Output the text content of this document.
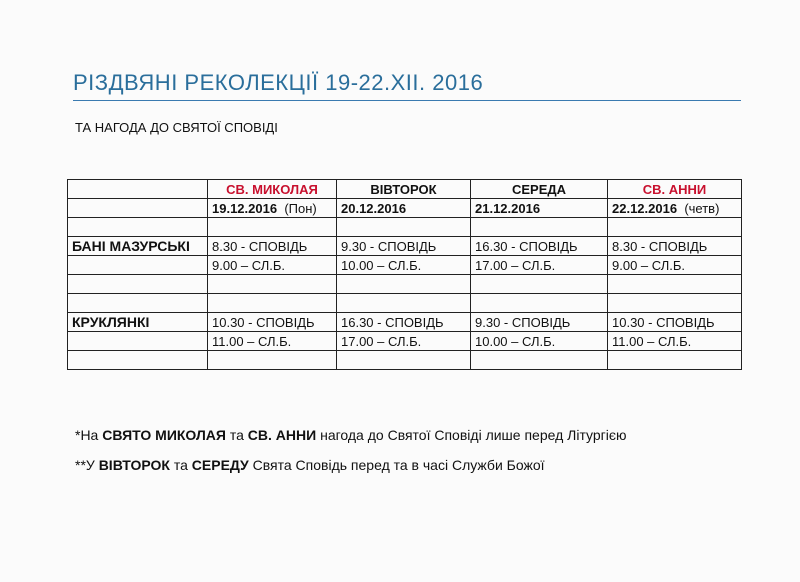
РІЗДВЯНІ РЕКОЛЕКЦІЇ 19-22.XII. 2016
ТА НАГОДА ДО СВЯТОЇ СПОВІДІ
	СВ. МИКОЛАЯ	ВІВТОРОК	СЕРЕДА	СВ. АННИ
	19.12.2016 (Пон)	20.12.2016	21.12.2016	22.12.2016 (четв)

БАНІ МАЗУРСЬКІ	8.30 - СПОВІДЬ	9.30 - СПОВІДЬ	16.30 - СПОВІДЬ	8.30 - СПОВІДЬ
	9.00 – СЛ.Б.	10.00 – СЛ.Б.	17.00 – СЛ.Б.	9.00 – СЛ.Б.

КРУКЛЯНКІ	10.30 - СПОВІДЬ	16.30 - СПОВІДЬ	9.30 - СПОВІДЬ	10.30 - СПОВІДЬ
	11.00 – СЛ.Б.	17.00 – СЛ.Б.	10.00 – СЛ.Б.	11.00 – СЛ.Б.

*На СВЯТО МИКОЛАЯ та СВ. АННИ нагода до Святої Сповіді лише перед Літургією

**У ВІВТОРОК та СЕРЕДУ Свята Сповідь перед та в часі Служби Божої
